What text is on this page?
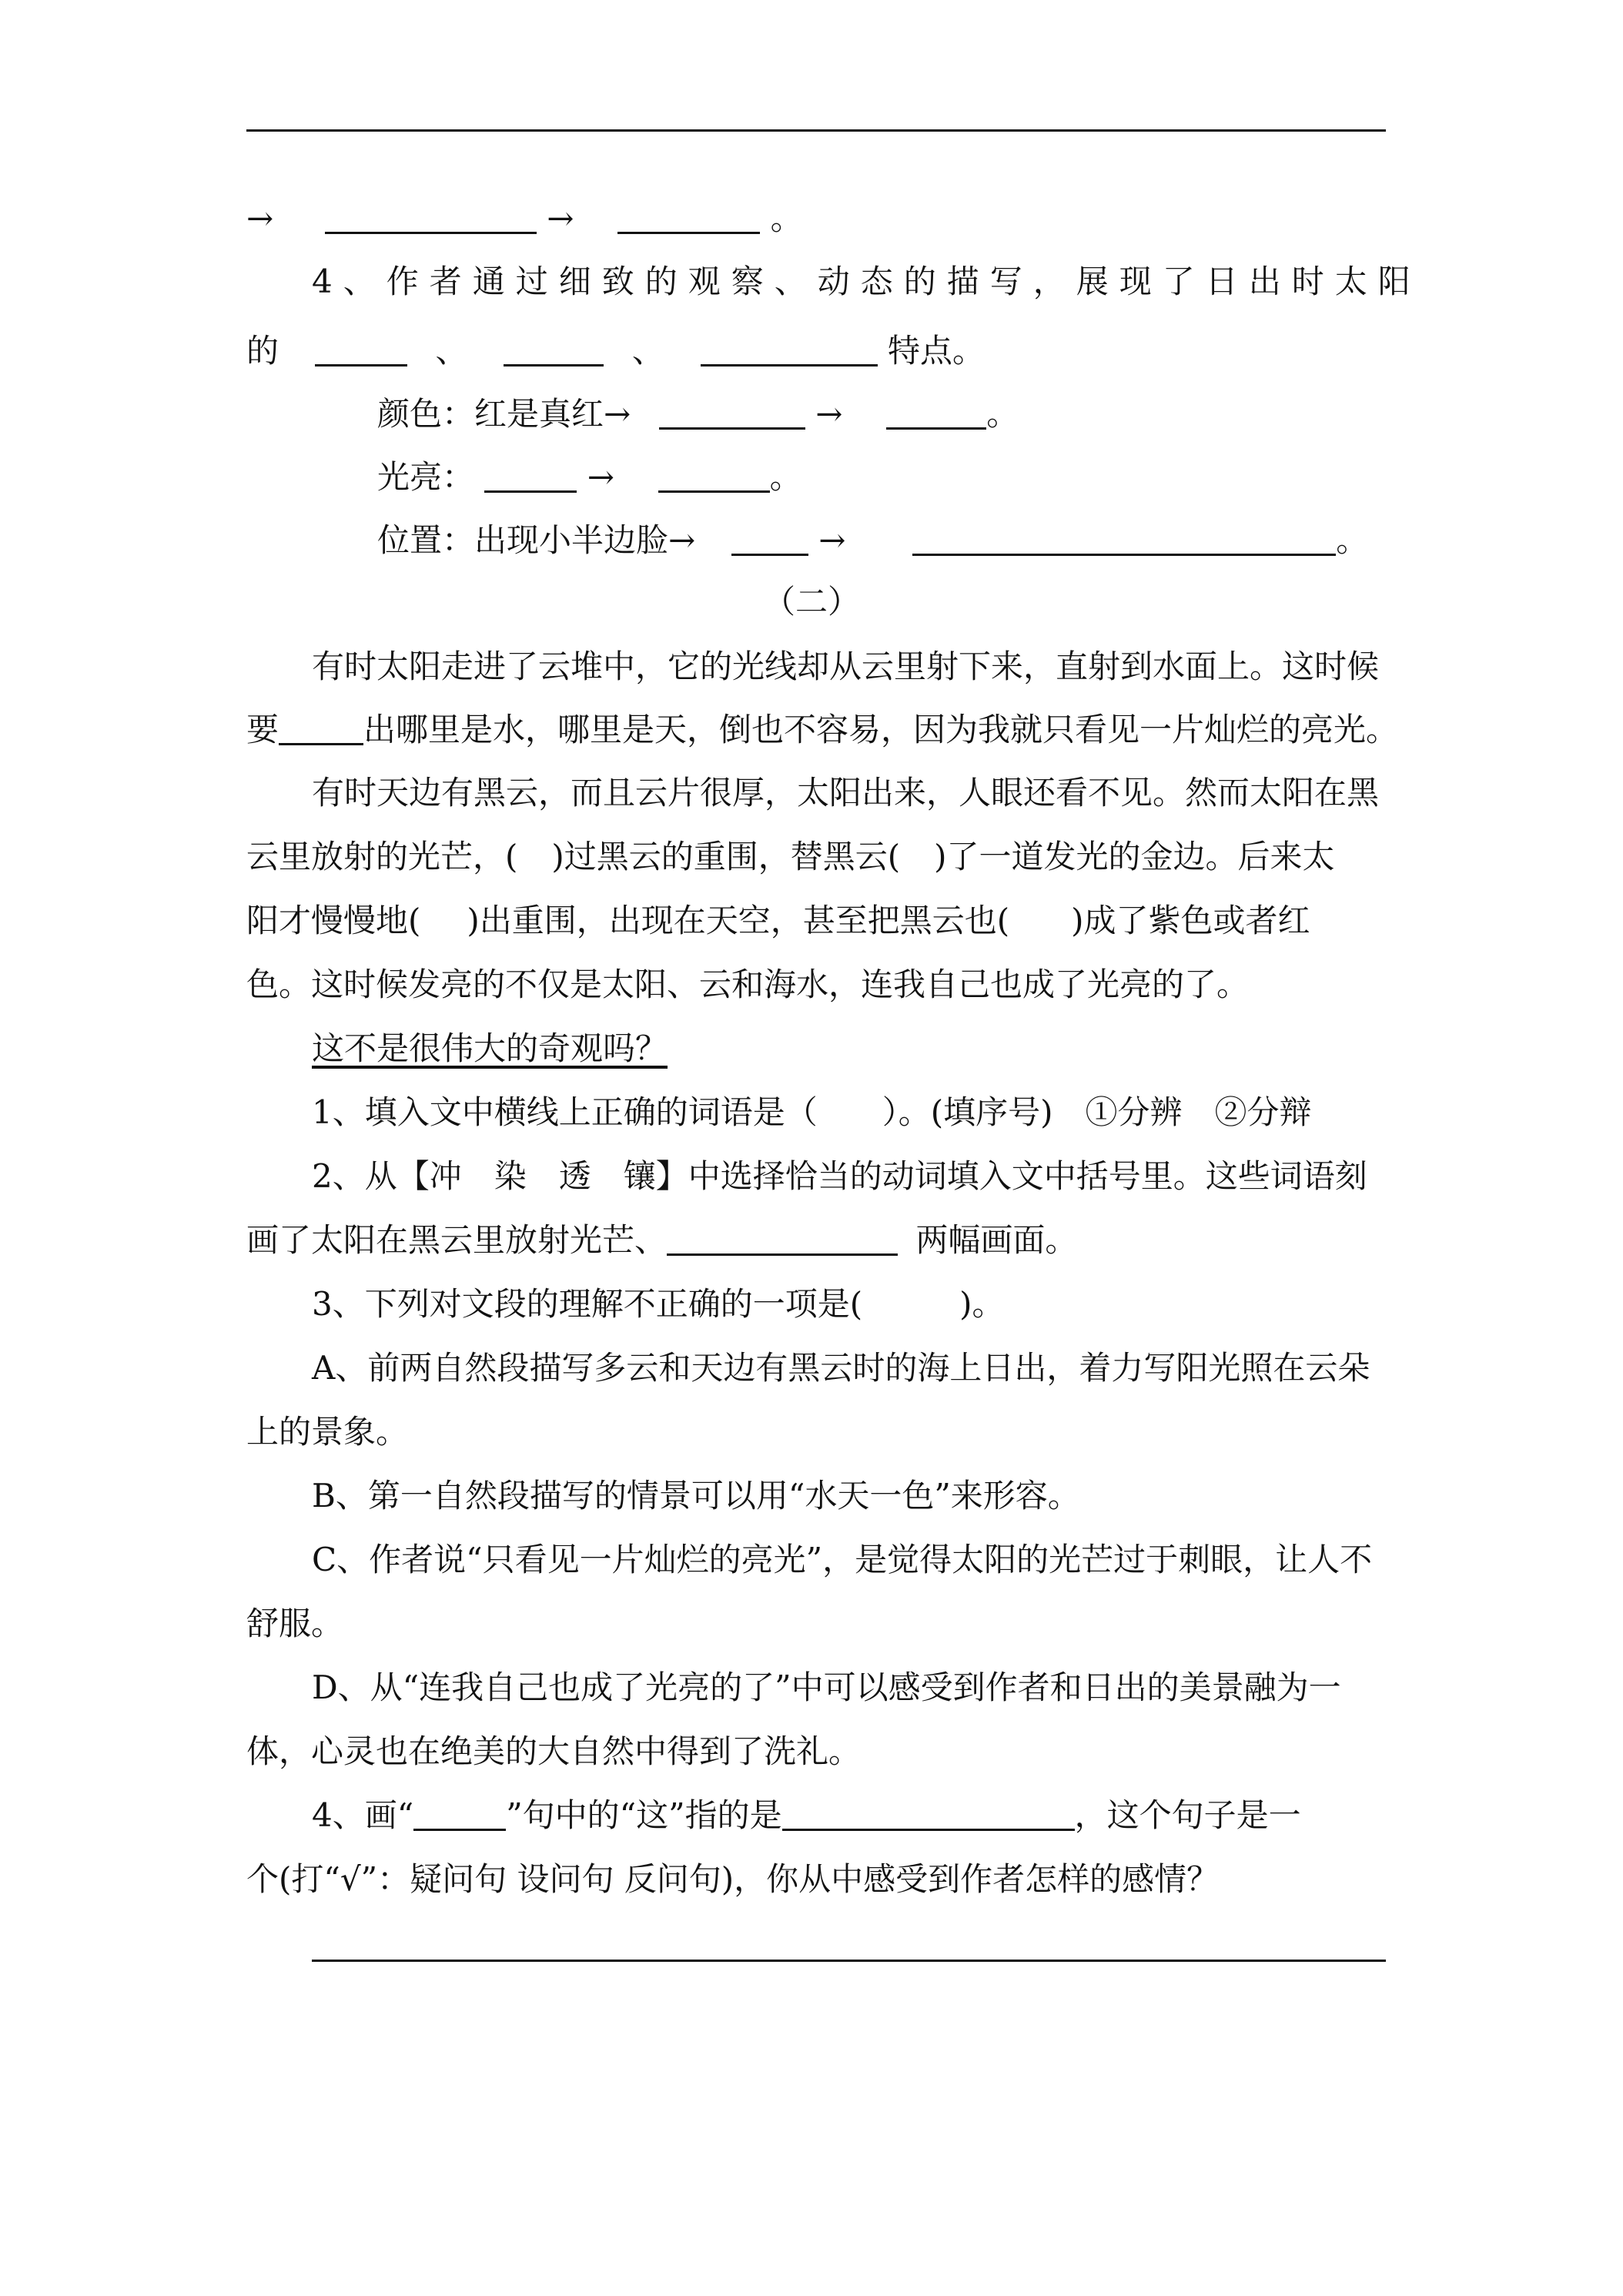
→	→	。
4、作者通过细致的观察、动态的描写，展现了日出时太阳
的	、	、	特点。
颜色：红是真红→	→	。
光亮：	→	。
位置：出现小半边脸→	→	。
（二）
有时太阳走进了云堆中，它的光线却从云里射下来，直射到水面上。这时候
要	出哪里是水，哪里是天，倒也不容易，因为我就只看见一片灿烂的亮光。
有时天边有黑云，而且云片很厚，太阳出来，人眼还看不见。然而太阳在黑
云里放射的光芒，( )过黑云的重围，替黑云( )了一道发光的金边。后来太
阳才慢慢地( )出重围，出现在天空，甚至把黑云也( )成了紫色或者红
色。这时候发亮的不仅是太阳、云和海水，连我自己也成了光亮的了。
这不是很伟大的奇观吗？
1、填入文中横线上正确的词语是（　　）。(填序号)　①分辨　②分辩
2、从【冲　染　透　镶】中选择恰当的动词填入文中括号里。这些词语刻
画了太阳在黑云里放射光芒、	两幅画面。
3、下列对文段的理解不正确的一项是(　　　)。
A、前两自然段描写多云和天边有黑云时的海上日出，着力写阳光照在云朵
上的景象。
B、第一自然段描写的情景可以用“水天一色”来形容。
C、作者说“只看见一片灿烂的亮光”，是觉得太阳的光芒过于刺眼，让人不
舒服。
D、从“连我自己也成了光亮的了”中可以感受到作者和日出的美景融为一
体，心灵也在绝美的大自然中得到了洗礼。
4、画“	”句中的“这”指的是	，这个句子是一
个(打“√”：疑问句 设问句 反问句)，你从中感受到作者怎样的感情？
